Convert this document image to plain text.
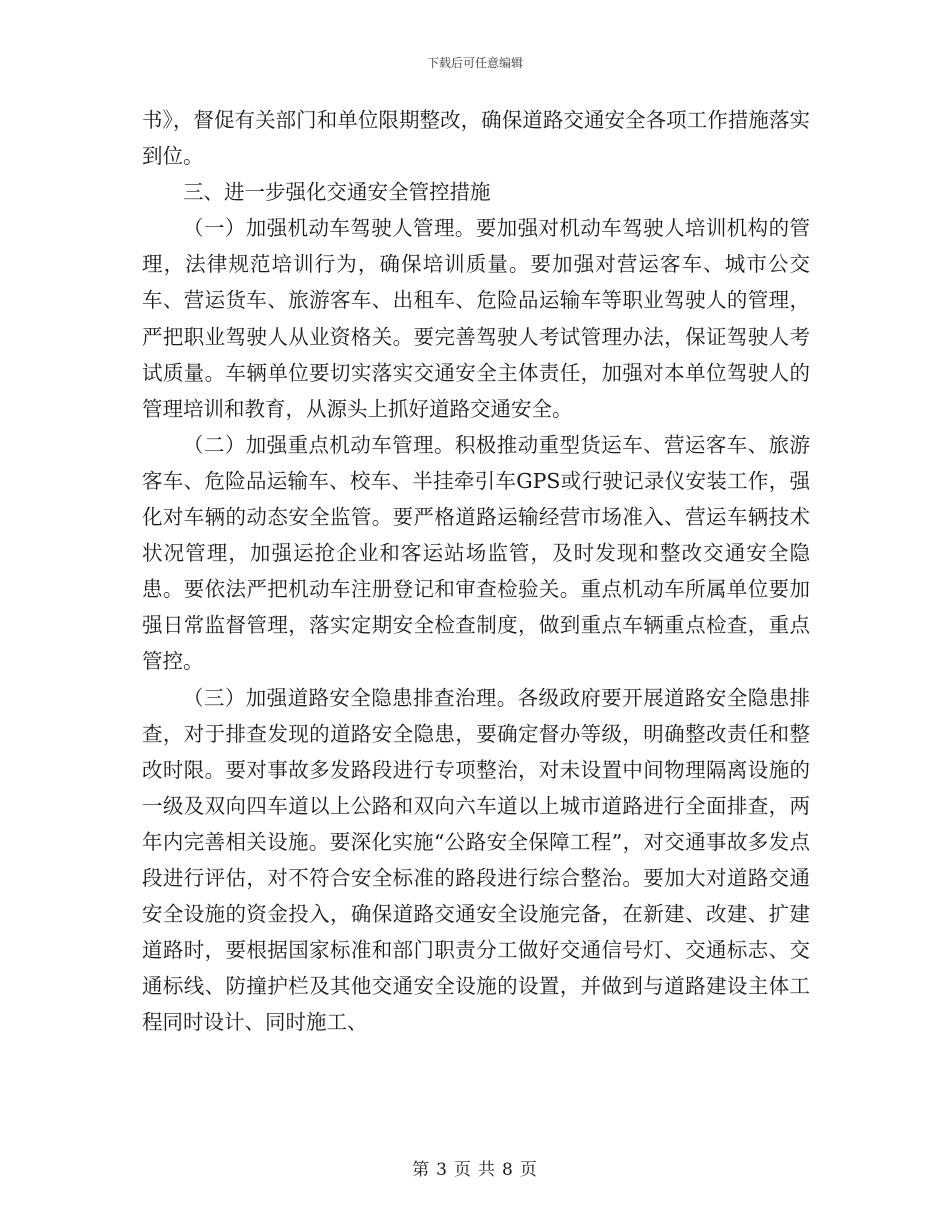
下载后可任意编辑

书》，督促有关部门和单位限期整改，确保道路交通安全各项工作措施落实到位。

三、进一步强化交通安全管控措施

（一）加强机动车驾驶人管理。要加强对机动车驾驶人培训机构的管理，法律规范培训行为，确保培训质量。要加强对营运客车、城市公交车、营运货车、旅游客车、出租车、危险品运输车等职业驾驶人的管理，严把职业驾驶人从业资格关。要完善驾驶人考试管理办法，保证驾驶人考试质量。车辆单位要切实落实交通安全主体责任，加强对本单位驾驶人的管理培训和教育，从源头上抓好道路交通安全。

（二）加强重点机动车管理。积极推动重型货运车、营运客车、旅游客车、危险品运输车、校车、半挂牵引车GPS或行驶记录仪安装工作，强化对车辆的动态安全监管。要严格道路运输经营市场准入、营运车辆技术状况管理，加强运抢企业和客运站场监管，及时发现和整改交通安全隐患。要依法严把机动车注册登记和审查检验关。重点机动车所属单位要加强日常监督管理，落实定期安全检查制度，做到重点车辆重点检查，重点管控。

（三）加强道路安全隐患排查治理。各级政府要开展道路安全隐患排查，对于排查发现的道路安全隐患，要确定督办等级，明确整改责任和整改时限。要对事故多发路段进行专项整治，对未设置中间物理隔离设施的一级及双向四车道以上公路和双向六车道以上城市道路进行全面排查，两年内完善相关设施。要深化实施“公路安全保障工程”，对交通事故多发点段进行评估，对不符合安全标准的路段进行综合整治。要加大对道路交通安全设施的资金投入，确保道路交通安全设施完备，在新建、改建、扩建道路时，要根据国家标准和部门职责分工做好交通信号灯、交通标志、交通标线、防撞护栏及其他交通安全设施的设置，并做到与道路建设主体工程同时设计、同时施工、

第 3 页 共 8 页
